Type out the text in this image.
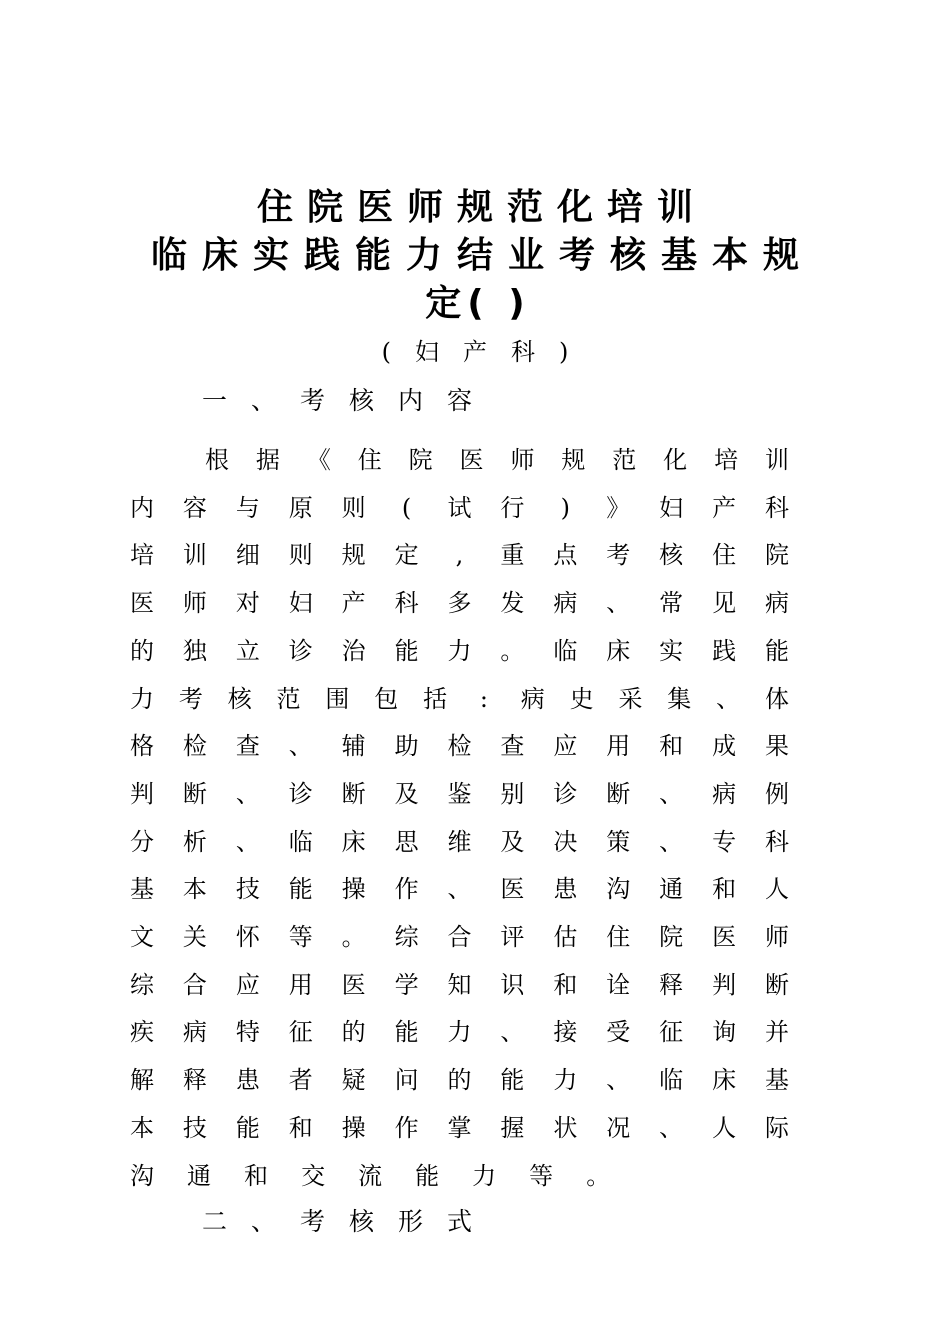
住院医师规范化培训
临床实践能力结业考核基本规
定( )
(妇产科)
一、考核内容
根 据 《 住 院 医 师 规 范 化 培 训
内 容 与 原 则	(	试 行	)	》 妇 产 科
培 训 细 则 规 定	,	重 点 考 核 住 院
医 师 对 妇 产 科 多 发 病 、 常 见 病
的 独 立 诊 治 能 力 。 临 床 实 践 能
力 考 核 范 围 包 括	:	病 史 采 集 、 体
格 检 查 、 辅 助 检 查 应 用 和 成 果
判 断 、 诊 断 及 鉴 别 诊 断 、 病 例
分 析 、 临 床 思 维 及 决 策 、 专 科
基 本 技 能 操 作 、 医 患 沟 通 和 人
文 关 怀 等 。 综 合 评 估 住 院 医 师
综 合 应 用 医 学 知 识 和 诠 释 判 断
疾 病 特 征 的 能 力 、 接 受 征 询 并
解 释 患 者 疑 问 的 能 力 、 临 床 基
本 技 能 和 操 作 掌 握 状 况 、 人 际
沟 通 和 交 流 能 力 等 。
二、考核形式
